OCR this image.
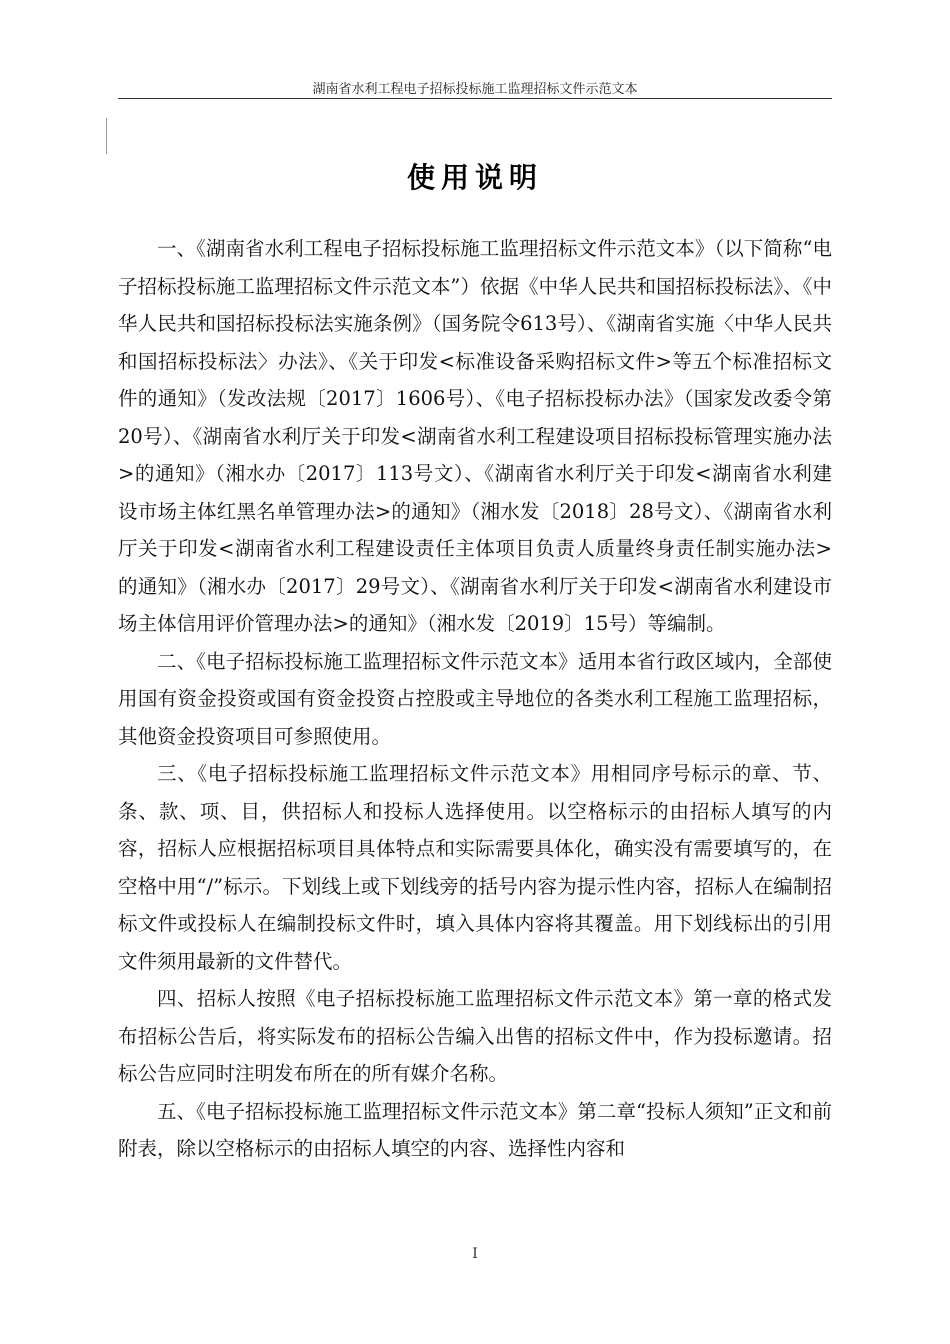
湖南省水利工程电子招标投标施工监理招标文件示范文本
使用说明

一、《湖南省水利工程电子招标投标施工监理招标文件示范文本》（以下简称“电子招标投标施工监理招标文件示范文本”）依据《中华人民共和国招标投标法》、《中华人民共和国招标投标法实施条例》（国务院令613号）、《湖南省实施〈中华人民共和国招标投标法〉办法》、《关于印发<标准设备采购招标文件>等五个标准招标文件的通知》（发改法规〔2017〕1606号）、《电子招标投标办法》（国家发改委令第20号）、《湖南省水利厅关于印发<湖南省水利工程建设项目招标投标管理实施办法>的通知》（湘水办〔2017〕113号文）、《湖南省水利厅关于印发<湖南省水利建设市场主体红黑名单管理办法>的通知》（湘水发〔2018〕28号文）、《湖南省水利厅关于印发<湖南省水利工程建设责任主体项目负责人质量终身责任制实施办法>的通知》（湘水办〔2017〕29号文）、《湖南省水利厅关于印发<湖南省水利建设市场主体信用评价管理办法>的通知》（湘水发〔2019〕15号）等编制。

二、《电子招标投标施工监理招标文件示范文本》适用本省行政区域内，全部使用国有资金投资或国有资金投资占控股或主导地位的各类水利工程施工监理招标，其他资金投资项目可参照使用。

三、《电子招标投标施工监理招标文件示范文本》用相同序号标示的章、节、条、款、项、目，供招标人和投标人选择使用。以空格标示的由招标人填写的内容，招标人应根据招标项目具体特点和实际需要具体化，确实没有需要填写的，在空格中用“/”标示。下划线上或下划线旁的括号内容为提示性内容，招标人在编制招标文件或投标人在编制投标文件时，填入具体内容将其覆盖。用下划线标出的引用文件须用最新的文件替代。

四、招标人按照《电子招标投标施工监理招标文件示范文本》第一章的格式发布招标公告后，将实际发布的招标公告编入出售的招标文件中，作为投标邀请。招标公告应同时注明发布所在的所有媒介名称。

五、《电子招标投标施工监理招标文件示范文本》第二章“投标人须知”正文和前附表，除以空格标示的由招标人填空的内容、选择性内容和

I
